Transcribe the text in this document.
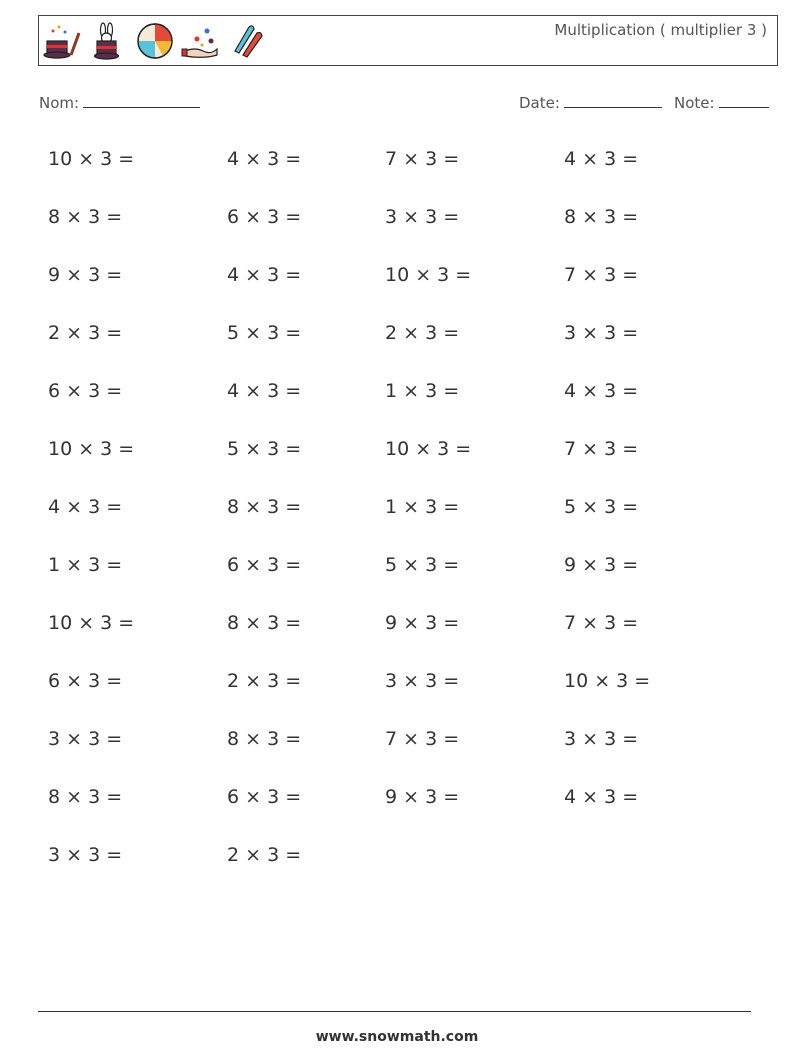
Multiplication ( multiplier 3 )
Nom:	Date:	Note:
10 × 3 =	4 × 3 =	7 × 3 =	4 × 3 =
8 × 3 =	6 × 3 =	3 × 3 =	8 × 3 =
9 × 3 =	4 × 3 =	10 × 3 =	7 × 3 =
2 × 3 =	5 × 3 =	2 × 3 =	3 × 3 =
6 × 3 =	4 × 3 =	1 × 3 =	4 × 3 =
10 × 3 =	5 × 3 =	10 × 3 =	7 × 3 =
4 × 3 =	8 × 3 =	1 × 3 =	5 × 3 =
1 × 3 =	6 × 3 =	5 × 3 =	9 × 3 =
10 × 3 =	8 × 3 =	9 × 3 =	7 × 3 =
6 × 3 =	2 × 3 =	3 × 3 =	10 × 3 =
3 × 3 =	8 × 3 =	7 × 3 =	3 × 3 =
8 × 3 =	6 × 3 =	9 × 3 =	4 × 3 =
3 × 3 =	2 × 3 =
www.snowmath.com
